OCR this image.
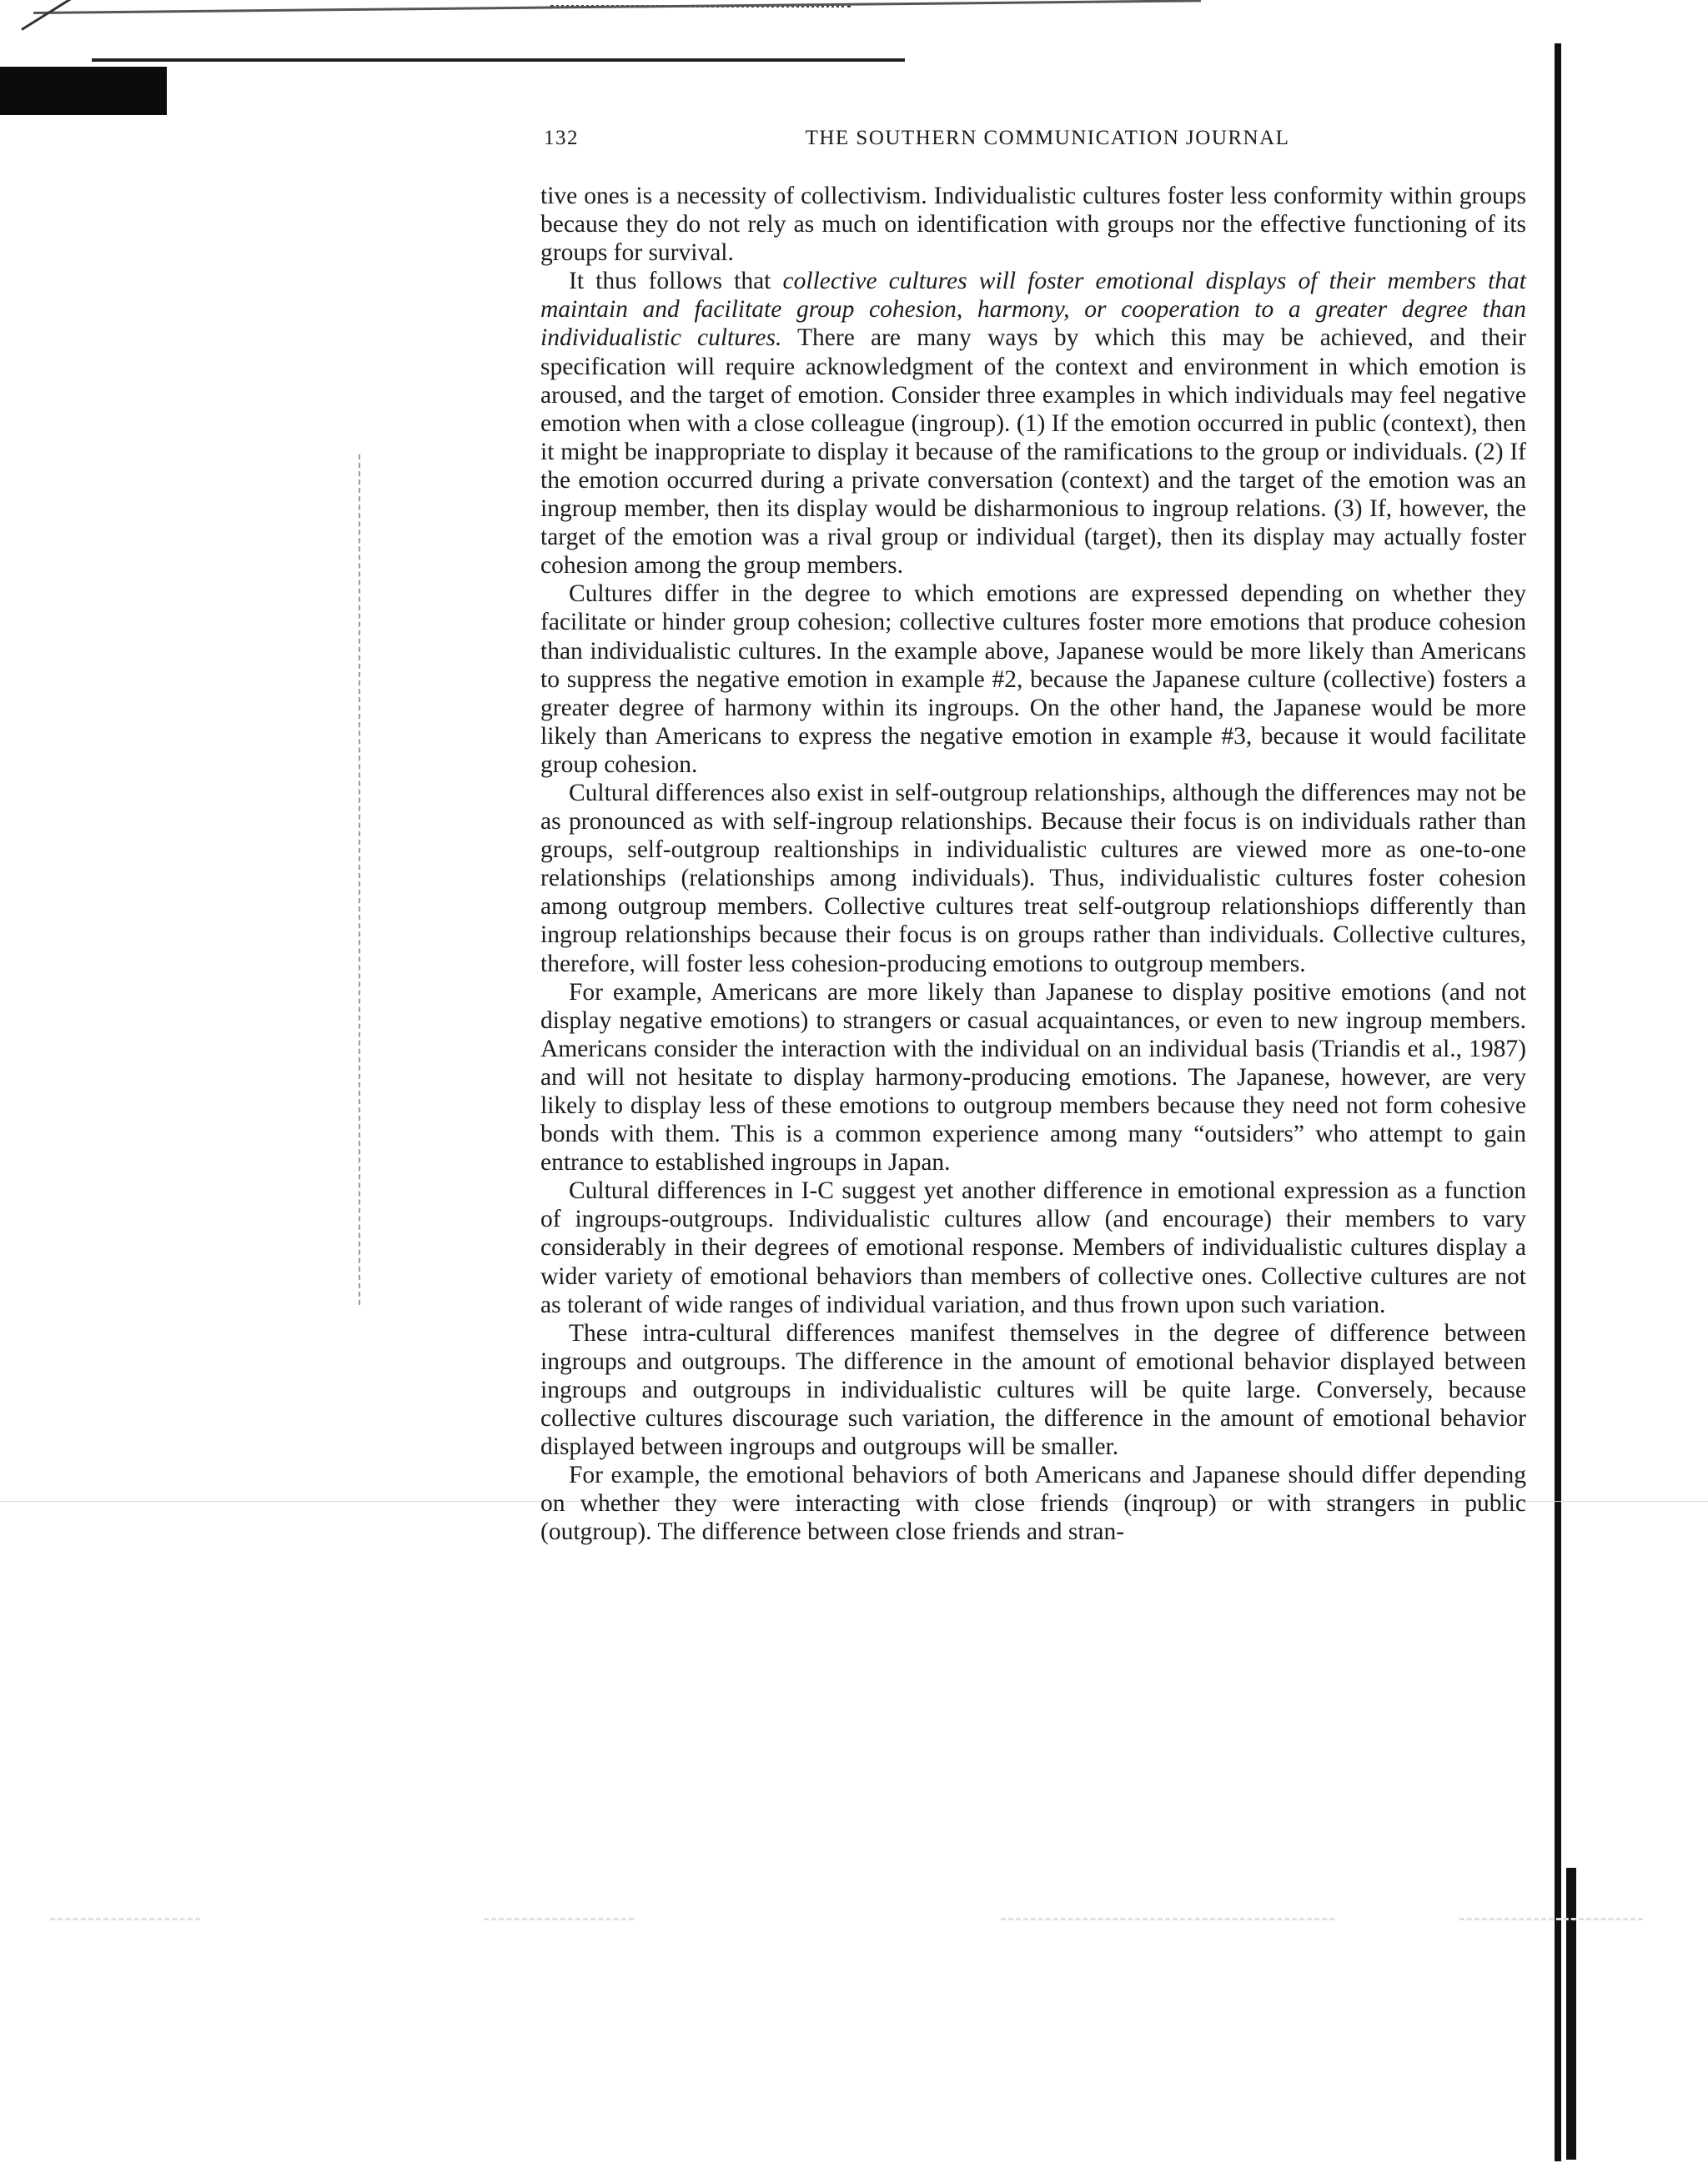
132	THE SOUTHERN COMMUNICATION JOURNAL

tive ones is a necessity of collectivism. Individualistic cultures foster less conformity within groups because they do not rely as much on identification with groups nor the effective functioning of its groups for survival.

It thus follows that collective cultures will foster emotional displays of their members that maintain and facilitate group cohesion, harmony, or cooperation to a greater degree than individualistic cultures. There are many ways by which this may be achieved, and their specification will require acknowledgment of the context and environment in which emotion is aroused, and the target of emotion. Consider three examples in which individuals may feel negative emotion when with a close colleague (ingroup). (1) If the emotion occurred in public (context), then it might be inappropriate to display it because of the ramifications to the group or individuals. (2) If the emotion occurred during a private conversation (context) and the target of the emotion was an ingroup member, then its display would be disharmonious to ingroup relations. (3) If, however, the target of the emotion was a rival group or individual (target), then its display may actually foster cohesion among the group members.

Cultures differ in the degree to which emotions are expressed depending on whether they facilitate or hinder group cohesion; collective cultures foster more emotions that produce cohesion than individualistic cultures. In the example above, Japanese would be more likely than Americans to suppress the negative emotion in example #2, because the Japanese culture (collective) fosters a greater degree of harmony within its ingroups. On the other hand, the Japanese would be more likely than Americans to express the negative emotion in example #3, because it would facilitate group cohesion.

Cultural differences also exist in self-outgroup relationships, although the differences may not be as pronounced as with self-ingroup relationships. Because their focus is on individuals rather than groups, self-outgroup realtionships in individualistic cultures are viewed more as one-to-one relationships (relationships among individuals). Thus, individualistic cultures foster cohesion among outgroup members. Collective cultures treat self-outgroup relationshiops differently than ingroup relationships because their focus is on groups rather than individuals. Collective cultures, therefore, will foster less cohesion-producing emotions to outgroup members.

For example, Americans are more likely than Japanese to display positive emotions (and not display negative emotions) to strangers or casual acquaintances, or even to new ingroup members. Americans consider the interaction with the individual on an individual basis (Triandis et al., 1987) and will not hesitate to display harmony-producing emotions. The Japanese, however, are very likely to display less of these emotions to outgroup members because they need not form cohesive bonds with them. This is a common experience among many “outsiders” who attempt to gain entrance to established ingroups in Japan.

Cultural differences in I-C suggest yet another difference in emotional expression as a function of ingroups-outgroups. Individualistic cultures allow (and encourage) their members to vary considerably in their degrees of emotional response. Members of individualistic cultures display a wider variety of emotional behaviors than members of collective ones. Collective cultures are not as tolerant of wide ranges of individual variation, and thus frown upon such variation.

These intra-cultural differences manifest themselves in the degree of difference between ingroups and outgroups. The difference in the amount of emotional behavior displayed between ingroups and outgroups in individualistic cultures will be quite large. Conversely, because collective cultures discourage such variation, the difference in the amount of emotional behavior displayed between ingroups and outgroups will be smaller.

For example, the emotional behaviors of both Americans and Japanese should differ depending on whether they were interacting with close friends (inqroup) or with strangers in public (outgroup). The difference between close friends and stran-
